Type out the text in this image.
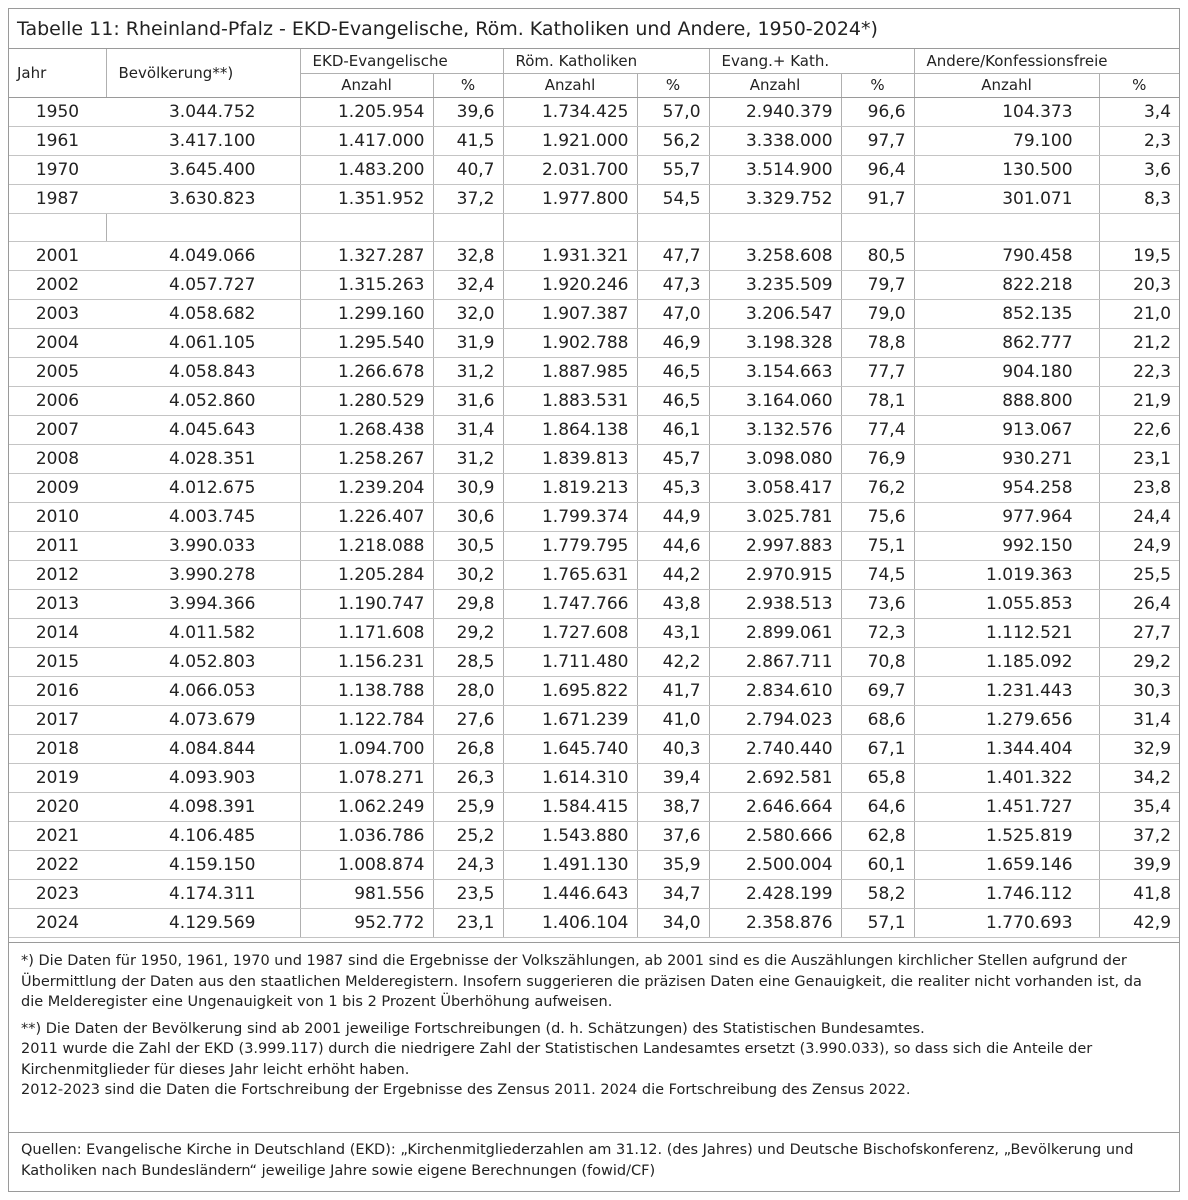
Tabelle 11: Rheinland-Pfalz - EKD-Evangelische, Röm. Katholiken und Andere, 1950-2024*)
Jahr	Bevölkerung**)	EKD-Evangelische		Röm. Katholiken		Evang.+ Kath.		Andere/Konfessionsfreie	
		Anzahl	%	Anzahl	%	Anzahl	%	Anzahl	%
1950	3.044.752	1.205.954	39,6	1.734.425	57,0	2.940.379	96,6	104.373	3,4
1961	3.417.100	1.417.000	41,5	1.921.000	56,2	3.338.000	97,7	79.100	2,3
1970	3.645.400	1.483.200	40,7	2.031.700	55,7	3.514.900	96,4	130.500	3,6
1987	3.630.823	1.351.952	37,2	1.977.800	54,5	3.329.752	91,7	301.071	8,3

2001	4.049.066	1.327.287	32,8	1.931.321	47,7	3.258.608	80,5	790.458	19,5
2002	4.057.727	1.315.263	32,4	1.920.246	47,3	3.235.509	79,7	822.218	20,3
2003	4.058.682	1.299.160	32,0	1.907.387	47,0	3.206.547	79,0	852.135	21,0
2004	4.061.105	1.295.540	31,9	1.902.788	46,9	3.198.328	78,8	862.777	21,2
2005	4.058.843	1.266.678	31,2	1.887.985	46,5	3.154.663	77,7	904.180	22,3
2006	4.052.860	1.280.529	31,6	1.883.531	46,5	3.164.060	78,1	888.800	21,9
2007	4.045.643	1.268.438	31,4	1.864.138	46,1	3.132.576	77,4	913.067	22,6
2008	4.028.351	1.258.267	31,2	1.839.813	45,7	3.098.080	76,9	930.271	23,1
2009	4.012.675	1.239.204	30,9	1.819.213	45,3	3.058.417	76,2	954.258	23,8
2010	4.003.745	1.226.407	30,6	1.799.374	44,9	3.025.781	75,6	977.964	24,4
2011	3.990.033	1.218.088	30,5	1.779.795	44,6	2.997.883	75,1	992.150	24,9
2012	3.990.278	1.205.284	30,2	1.765.631	44,2	2.970.915	74,5	1.019.363	25,5
2013	3.994.366	1.190.747	29,8	1.747.766	43,8	2.938.513	73,6	1.055.853	26,4
2014	4.011.582	1.171.608	29,2	1.727.608	43,1	2.899.061	72,3	1.112.521	27,7
2015	4.052.803	1.156.231	28,5	1.711.480	42,2	2.867.711	70,8	1.185.092	29,2
2016	4.066.053	1.138.788	28,0	1.695.822	41,7	2.834.610	69,7	1.231.443	30,3
2017	4.073.679	1.122.784	27,6	1.671.239	41,0	2.794.023	68,6	1.279.656	31,4
2018	4.084.844	1.094.700	26,8	1.645.740	40,3	2.740.440	67,1	1.344.404	32,9
2019	4.093.903	1.078.271	26,3	1.614.310	39,4	2.692.581	65,8	1.401.322	34,2
2020	4.098.391	1.062.249	25,9	1.584.415	38,7	2.646.664	64,6	1.451.727	35,4
2021	4.106.485	1.036.786	25,2	1.543.880	37,6	2.580.666	62,8	1.525.819	37,2
2022	4.159.150	1.008.874	24,3	1.491.130	35,9	2.500.004	60,1	1.659.146	39,9
2023	4.174.311	981.556	23,5	1.446.643	34,7	2.428.199	58,2	1.746.112	41,8
2024	4.129.569	952.772	23,1	1.406.104	34,0	2.358.876	57,1	1.770.693	42,9

*) Die Daten für 1950, 1961, 1970 und 1987 sind die Ergebnisse der Volkszählungen, ab 2001 sind es die Auszählungen kirchlicher Stellen aufgrund der Übermittlung der Daten aus den staatlichen Melderegistern. Insofern suggerieren die präzisen Daten eine Genauigkeit, die realiter nicht vorhanden ist, da die Melderegister eine Ungenauigkeit von 1 bis 2 Prozent Überhöhung aufweisen.

**) Die Daten der Bevölkerung sind ab 2001 jeweilige Fortschreibungen (d. h. Schätzungen) des Statistischen Bundesamtes.

2011 wurde die Zahl der EKD (3.999.117) durch die niedrigere Zahl der Statistischen Landesamtes ersetzt (3.990.033), so dass sich die Anteile der Kirchenmitglieder für dieses Jahr leicht erhöht haben.

2012-2023 sind die Daten die Fortschreibung der Ergebnisse des Zensus 2011. 2024 die Fortschreibung des Zensus 2022.

Quellen: Evangelische Kirche in Deutschland (EKD): „Kirchenmitgliederzahlen am 31.12. (des Jahres) und Deutsche Bischofskonferenz, „Bevölkerung und Katholiken nach Bundesländern“ jeweilige Jahre sowie eigene Berechnungen (fowid/CF)
